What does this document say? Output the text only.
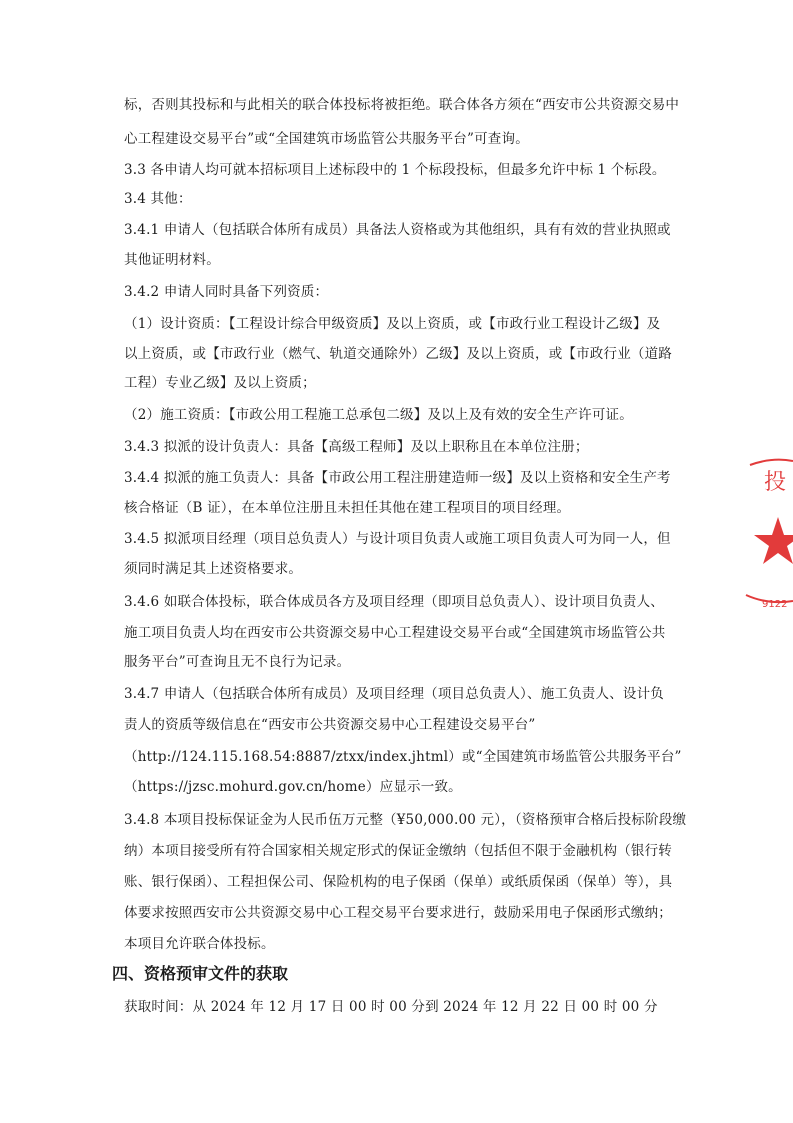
标，否则其投标和与此相关的联合体投标将被拒绝。联合体各方须在“西安市公共资源交易中
心工程建设交易平台”或“全国建筑市场监管公共服务平台”可查询。
3.3 各申请人均可就本招标项目上述标段中的 1 个标段投标，但最多允许中标 1 个标段。
3.4 其他：
3.4.1 申请人（包括联合体所有成员）具备法人资格或为其他组织，具有有效的营业执照或
其他证明材料。
3.4.2 申请人同时具备下列资质：
（1）设计资质：【工程设计综合甲级资质】及以上资质，或【市政行业工程设计乙级】及
以上资质，或【市政行业（燃气、轨道交通除外）乙级】及以上资质，或【市政行业（道路
工程）专业乙级】及以上资质；
（2）施工资质：【市政公用工程施工总承包二级】及以上及有效的安全生产许可证。
3.4.3 拟派的设计负责人：具备【高级工程师】及以上职称且在本单位注册；
3.4.4 拟派的施工负责人：具备【市政公用工程注册建造师一级】及以上资格和安全生产考
核合格证（B 证），在本单位注册且未担任其他在建工程项目的项目经理。
3.4.5 拟派项目经理（项目总负责人）与设计项目负责人或施工项目负责人可为同一人，但
须同时满足其上述资格要求。
3.4.6 如联合体投标，联合体成员各方及项目经理（即项目总负责人）、设计项目负责人、
施工项目负责人均在西安市公共资源交易中心工程建设交易平台或“全国建筑市场监管公共
服务平台”可查询且无不良行为记录。
3.4.7 申请人（包括联合体所有成员）及项目经理（项目总负责人）、施工负责人、设计负
责人的资质等级信息在“西安市公共资源交易中心工程建设交易平台”
（http://124.115.168.54:8887/ztxx/index.jhtml）或“全国建筑市场监管公共服务平台”
（https://jzsc.mohurd.gov.cn/home）应显示一致。
3.4.8 本项目投标保证金为人民币伍万元整（¥50,000.00 元），（资格预审合格后投标阶段缴
纳）本项目接受所有符合国家相关规定形式的保证金缴纳（包括但不限于金融机构（银行转
账、银行保函）、工程担保公司、保险机构的电子保函（保单）或纸质保函（保单）等），具
体要求按照西安市公共资源交易中心工程交易平台要求进行，鼓励采用电子保函形式缴纳；
本项目允许联合体投标。
四、资格预审文件的获取
获取时间：从 2024 年 12 月 17 日 00 时 00 分到 2024 年 12 月 22 日 00 时 00 分
投
9122
